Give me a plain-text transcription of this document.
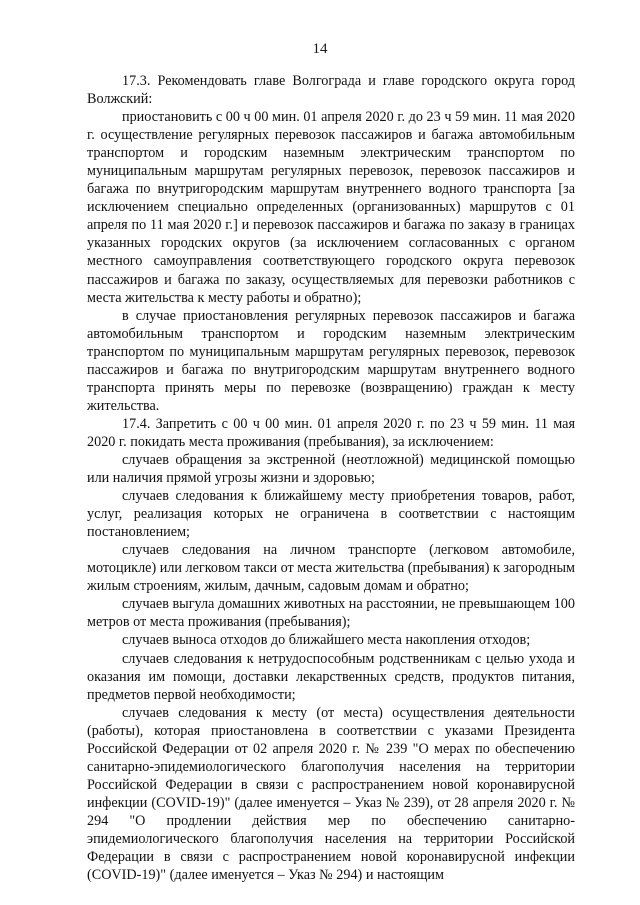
14

17.3. Рекомендовать главе Волгограда и главе городского округа город Волжский:

приостановить с 00 ч 00 мин. 01 апреля 2020 г. до 23 ч 59 мин. 11 мая 2020 г. осуществление регулярных перевозок пассажиров и багажа автомобильным транспортом и городским наземным электрическим транспортом по муниципальным маршрутам регулярных перевозок, перевозок пассажиров и багажа по внутригородским маршрутам внутреннего водного транспорта [за исключением специально определенных (организованных) маршрутов с 01 апреля по 11 мая 2020 г.] и перевозок пассажиров и багажа по заказу в границах указанных городских округов (за исключением согласованных с органом местного самоуправления соответствующего городского округа перевозок пассажиров и багажа по заказу, осуществляемых для перевозки работников с места жительства к месту работы и обратно);

в случае приостановления регулярных перевозок пассажиров и багажа автомобильным транспортом и городским наземным электрическим транспортом по муниципальным маршрутам регулярных перевозок, перевозок пассажиров и багажа по внутригородским маршрутам внутреннего водного транспорта принять меры по перевозке (возвращению) граждан к месту жительства.

17.4. Запретить с 00 ч 00 мин. 01 апреля 2020 г. по 23 ч 59 мин. 11 мая 2020 г. покидать места проживания (пребывания), за исключением:

случаев обращения за экстренной (неотложной) медицинской помощью или наличия прямой угрозы жизни и здоровью;

случаев следования к ближайшему месту приобретения товаров, работ, услуг, реализация которых не ограничена в соответствии с настоящим постановлением;

случаев следования на личном транспорте (легковом автомобиле, мотоцикле) или легковом такси от места жительства (пребывания) к загородным жилым строениям, жилым, дачным, садовым домам и обратно;

случаев выгула домашних животных на расстоянии, не превышающем 100 метров от места проживания (пребывания);

случаев выноса отходов до ближайшего места накопления отходов;

случаев следования к нетрудоспособным родственникам с целью ухода и оказания им помощи, доставки лекарственных средств, продуктов питания, предметов первой необходимости;

случаев следования к месту (от места) осуществления деятельности (работы), которая приостановлена в соответствии с указами Президента Российской Федерации от 02 апреля 2020 г. № 239 "О мерах по обеспечению санитарно-эпидемиологического благополучия населения на территории Российской Федерации в связи с распространением новой коронавирусной инфекции (COVID-19)" (далее именуется – Указ № 239), от 28 апреля 2020 г. № 294 "О продлении действия мер по обеспечению санитарно-эпидемиологического благополучия населения на территории Российской Федерации в связи с распространением новой коронавирусной инфекции (COVID-19)" (далее именуется – Указ № 294) и настоящим
